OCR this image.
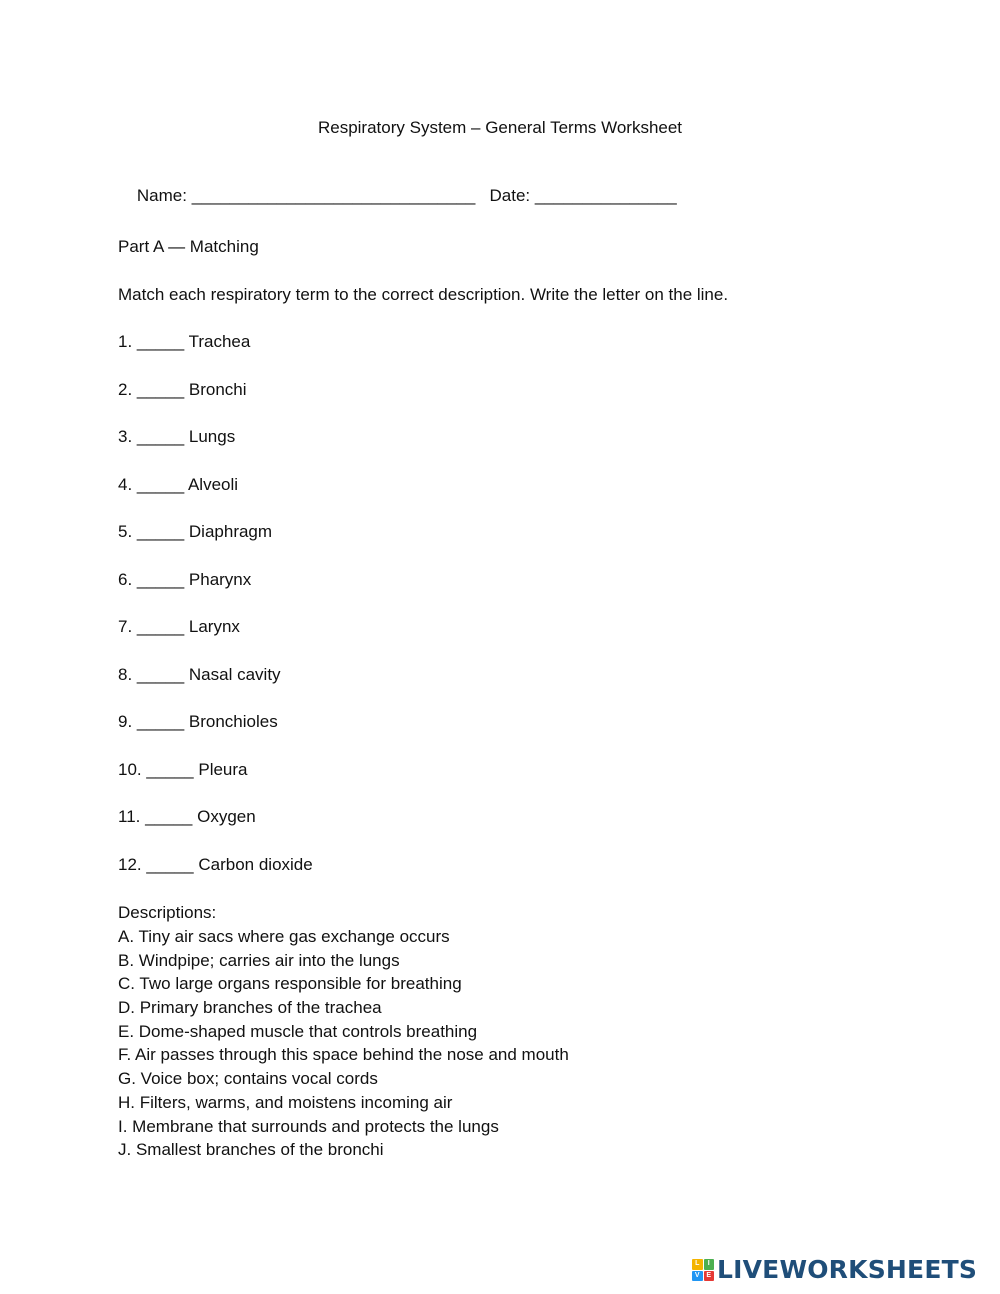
Respiratory System – General Terms Worksheet

Name: ______________________________ Date: _______________

Part A — Matching
Match each respiratory term to the correct description. Write the letter on the line.
1. _____ Trachea
2. _____ Bronchi
3. _____ Lungs
4. _____ Alveoli
5. _____ Diaphragm
6. _____ Pharynx
7. _____ Larynx
8. _____ Nasal cavity
9. _____ Bronchioles
10. _____ Pleura
11. _____ Oxygen
12. _____ Carbon dioxide
Descriptions:
A. Tiny air sacs where gas exchange occurs
B. Windpipe; carries air into the lungs
C. Two large organs responsible for breathing
D. Primary branches of the trachea
E. Dome-shaped muscle that controls breathing
F. Air passes through this space behind the nose and mouth
G. Voice box; contains vocal cords
H. Filters, warms, and moistens incoming air
I. Membrane that surrounds and protects the lungs
J. Smallest branches of the bronchi
L	I
V E LIVEWORKSHEETS
